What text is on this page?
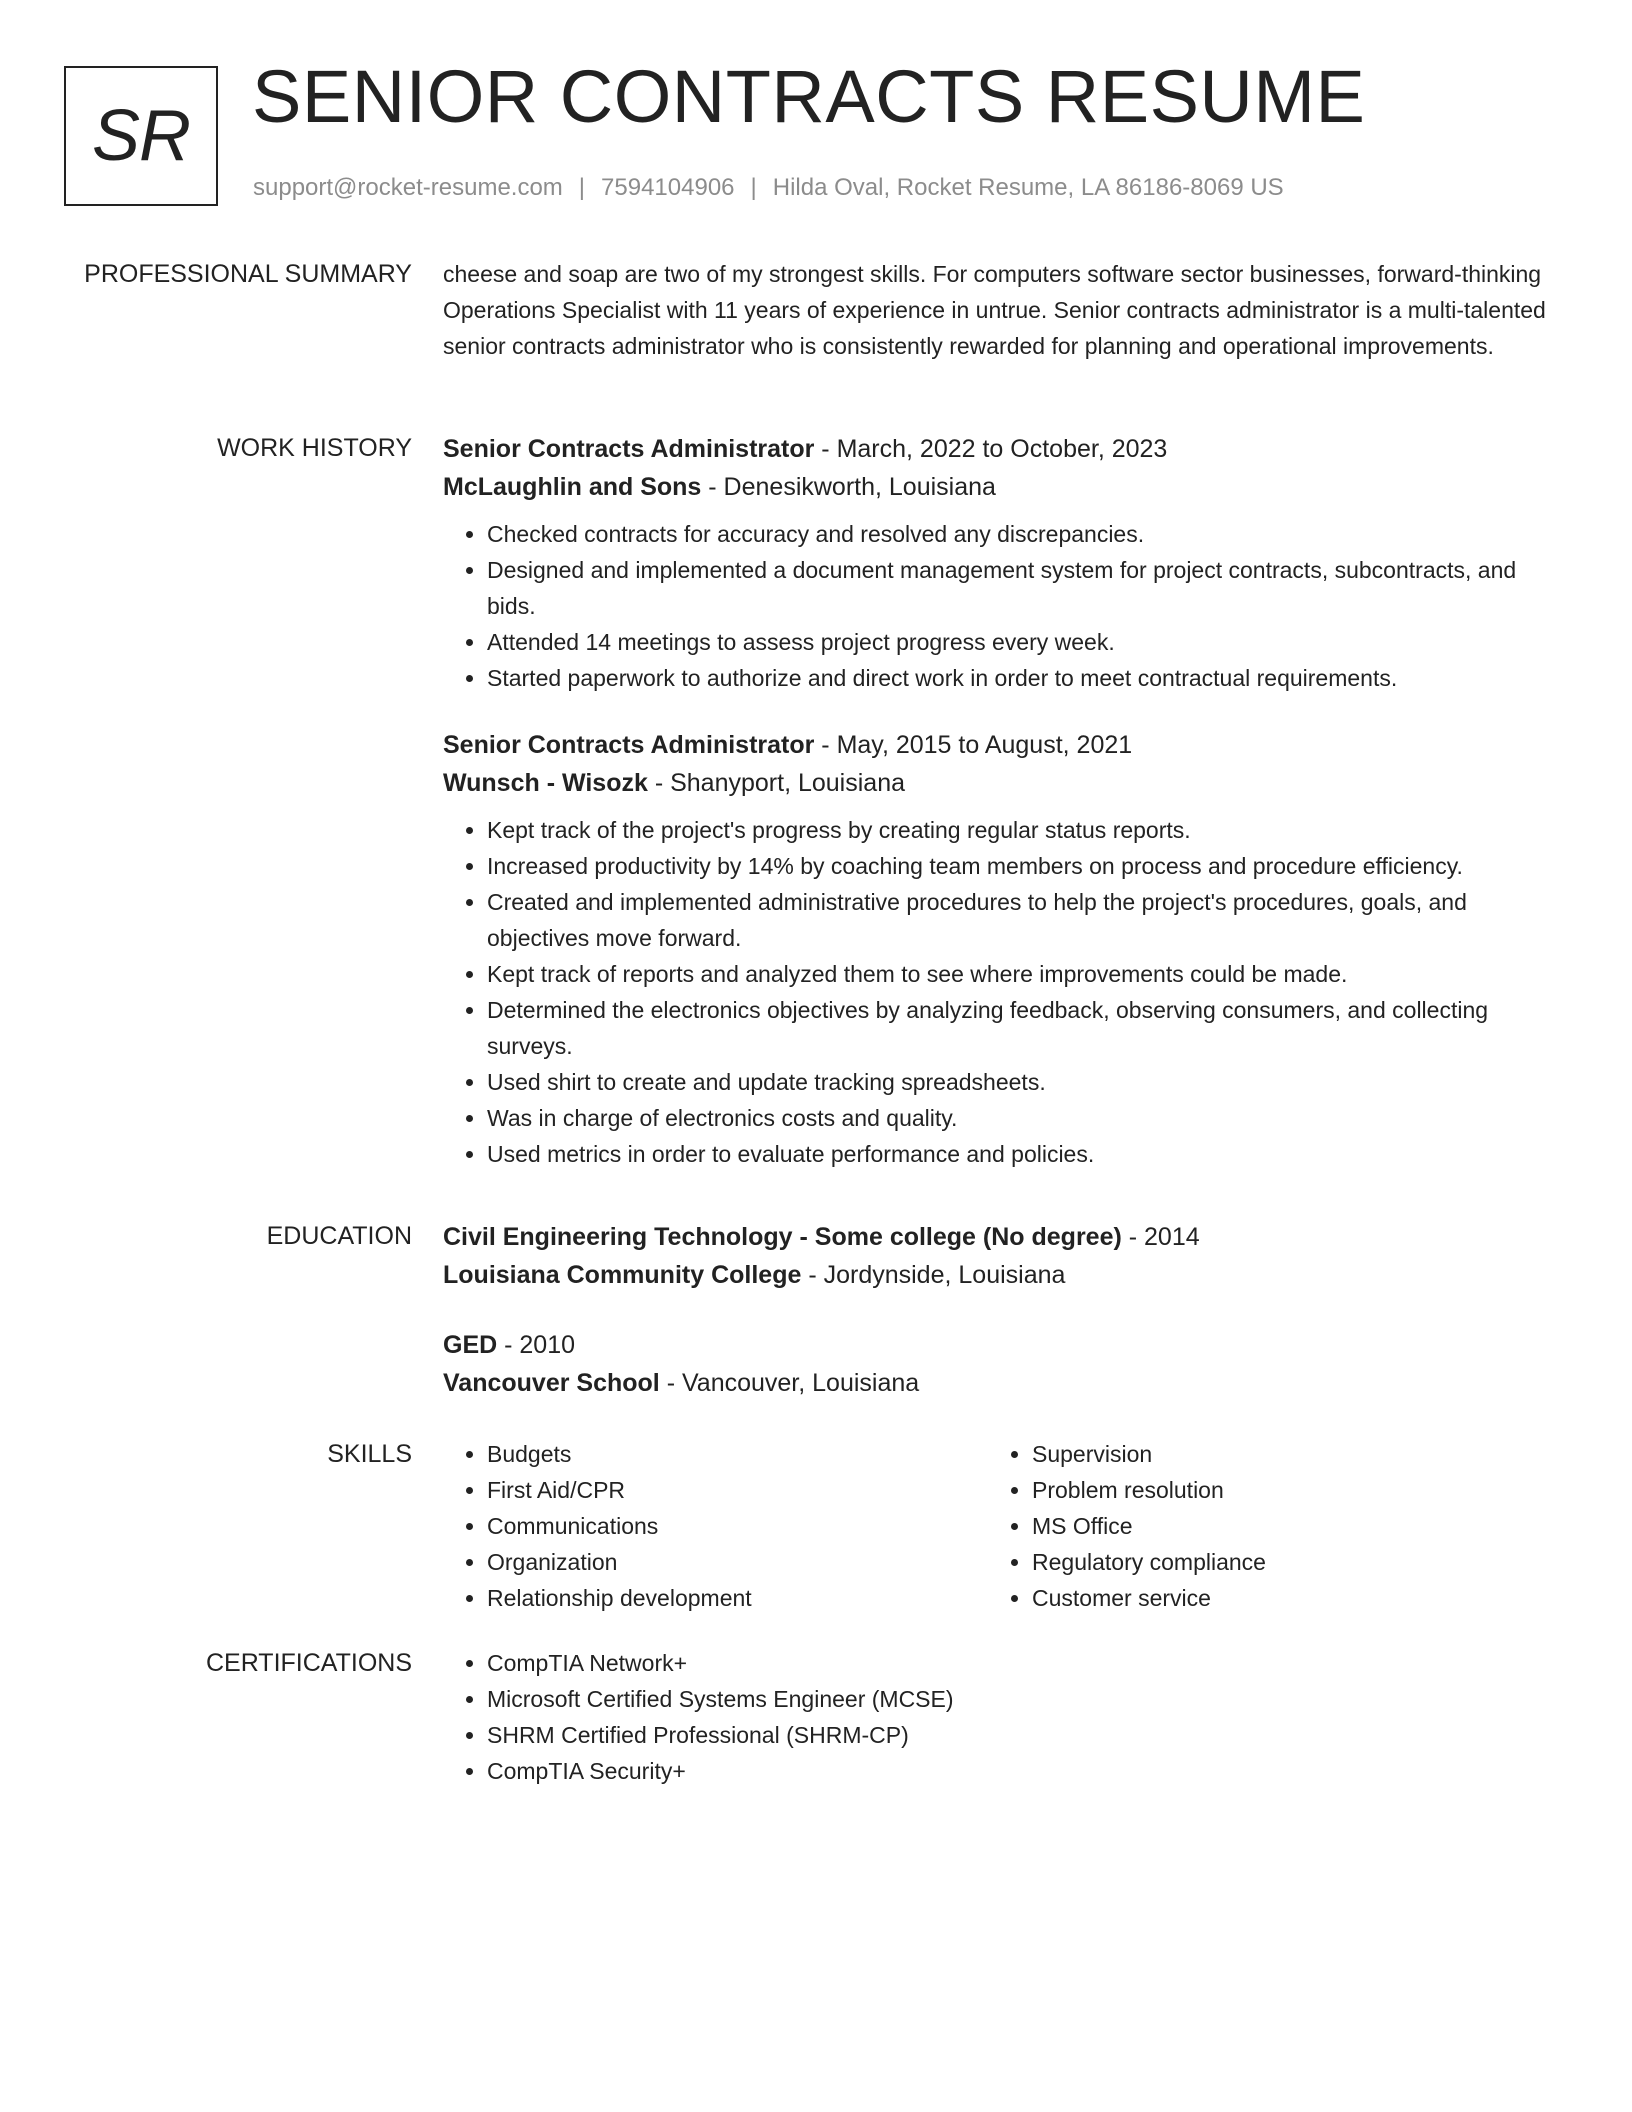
SR SENIOR CONTRACTS RESUME
support@rocket-resume.com | 7594104906 | Hilda Oval, Rocket Resume, LA 86186-8069 US
PROFESSIONAL SUMMARY cheese and soap are two of my strongest skills. For computers software sector businesses, forward-thinking Operations Specialist with 11 years of experience in untrue. Senior contracts administrator is a multi-talented senior contracts administrator who is consistently rewarded for planning and operational improvements.

WORK HISTORY Senior Contracts Administrator - March, 2022 to October, 2023
McLaughlin and Sons - Denesikworth, Louisiana
• Checked contracts for accuracy and resolved any discrepancies.
• Designed and implemented a document management system for project contracts, subcontracts, and bids.
• Attended 14 meetings to assess project progress every week.
• Started paperwork to authorize and direct work in order to meet contractual requirements.
Senior Contracts Administrator - May, 2015 to August, 2021
Wunsch - Wisozk - Shanyport, Louisiana
• Kept track of the project's progress by creating regular status reports.
• Increased productivity by 14% by coaching team members on process and procedure efficiency.
• Created and implemented administrative procedures to help the project's procedures, goals, and objectives move forward.
• Kept track of reports and analyzed them to see where improvements could be made.
• Determined the electronics objectives by analyzing feedback, observing consumers, and collecting surveys.
• Used shirt to create and update tracking spreadsheets.
• Was in charge of electronics costs and quality.
• Used metrics in order to evaluate performance and policies.
EDUCATION Civil Engineering Technology - Some college (No degree) - 2014
Louisiana Community College - Jordynside, Louisiana
GED - 2010
Vancouver School - Vancouver, Louisiana
SKILLS	• Budgets
• First Aid/CPR
• Communications
• Organization
• Relationship development
• Supervision
• Problem resolution
• MS Office
• Regulatory compliance
• Customer service
CERTIFICATIONS	• CompTIA Network+
• Microsoft Certified Systems Engineer (MCSE)
• SHRM Certified Professional (SHRM-CP)
• CompTIA Security+
